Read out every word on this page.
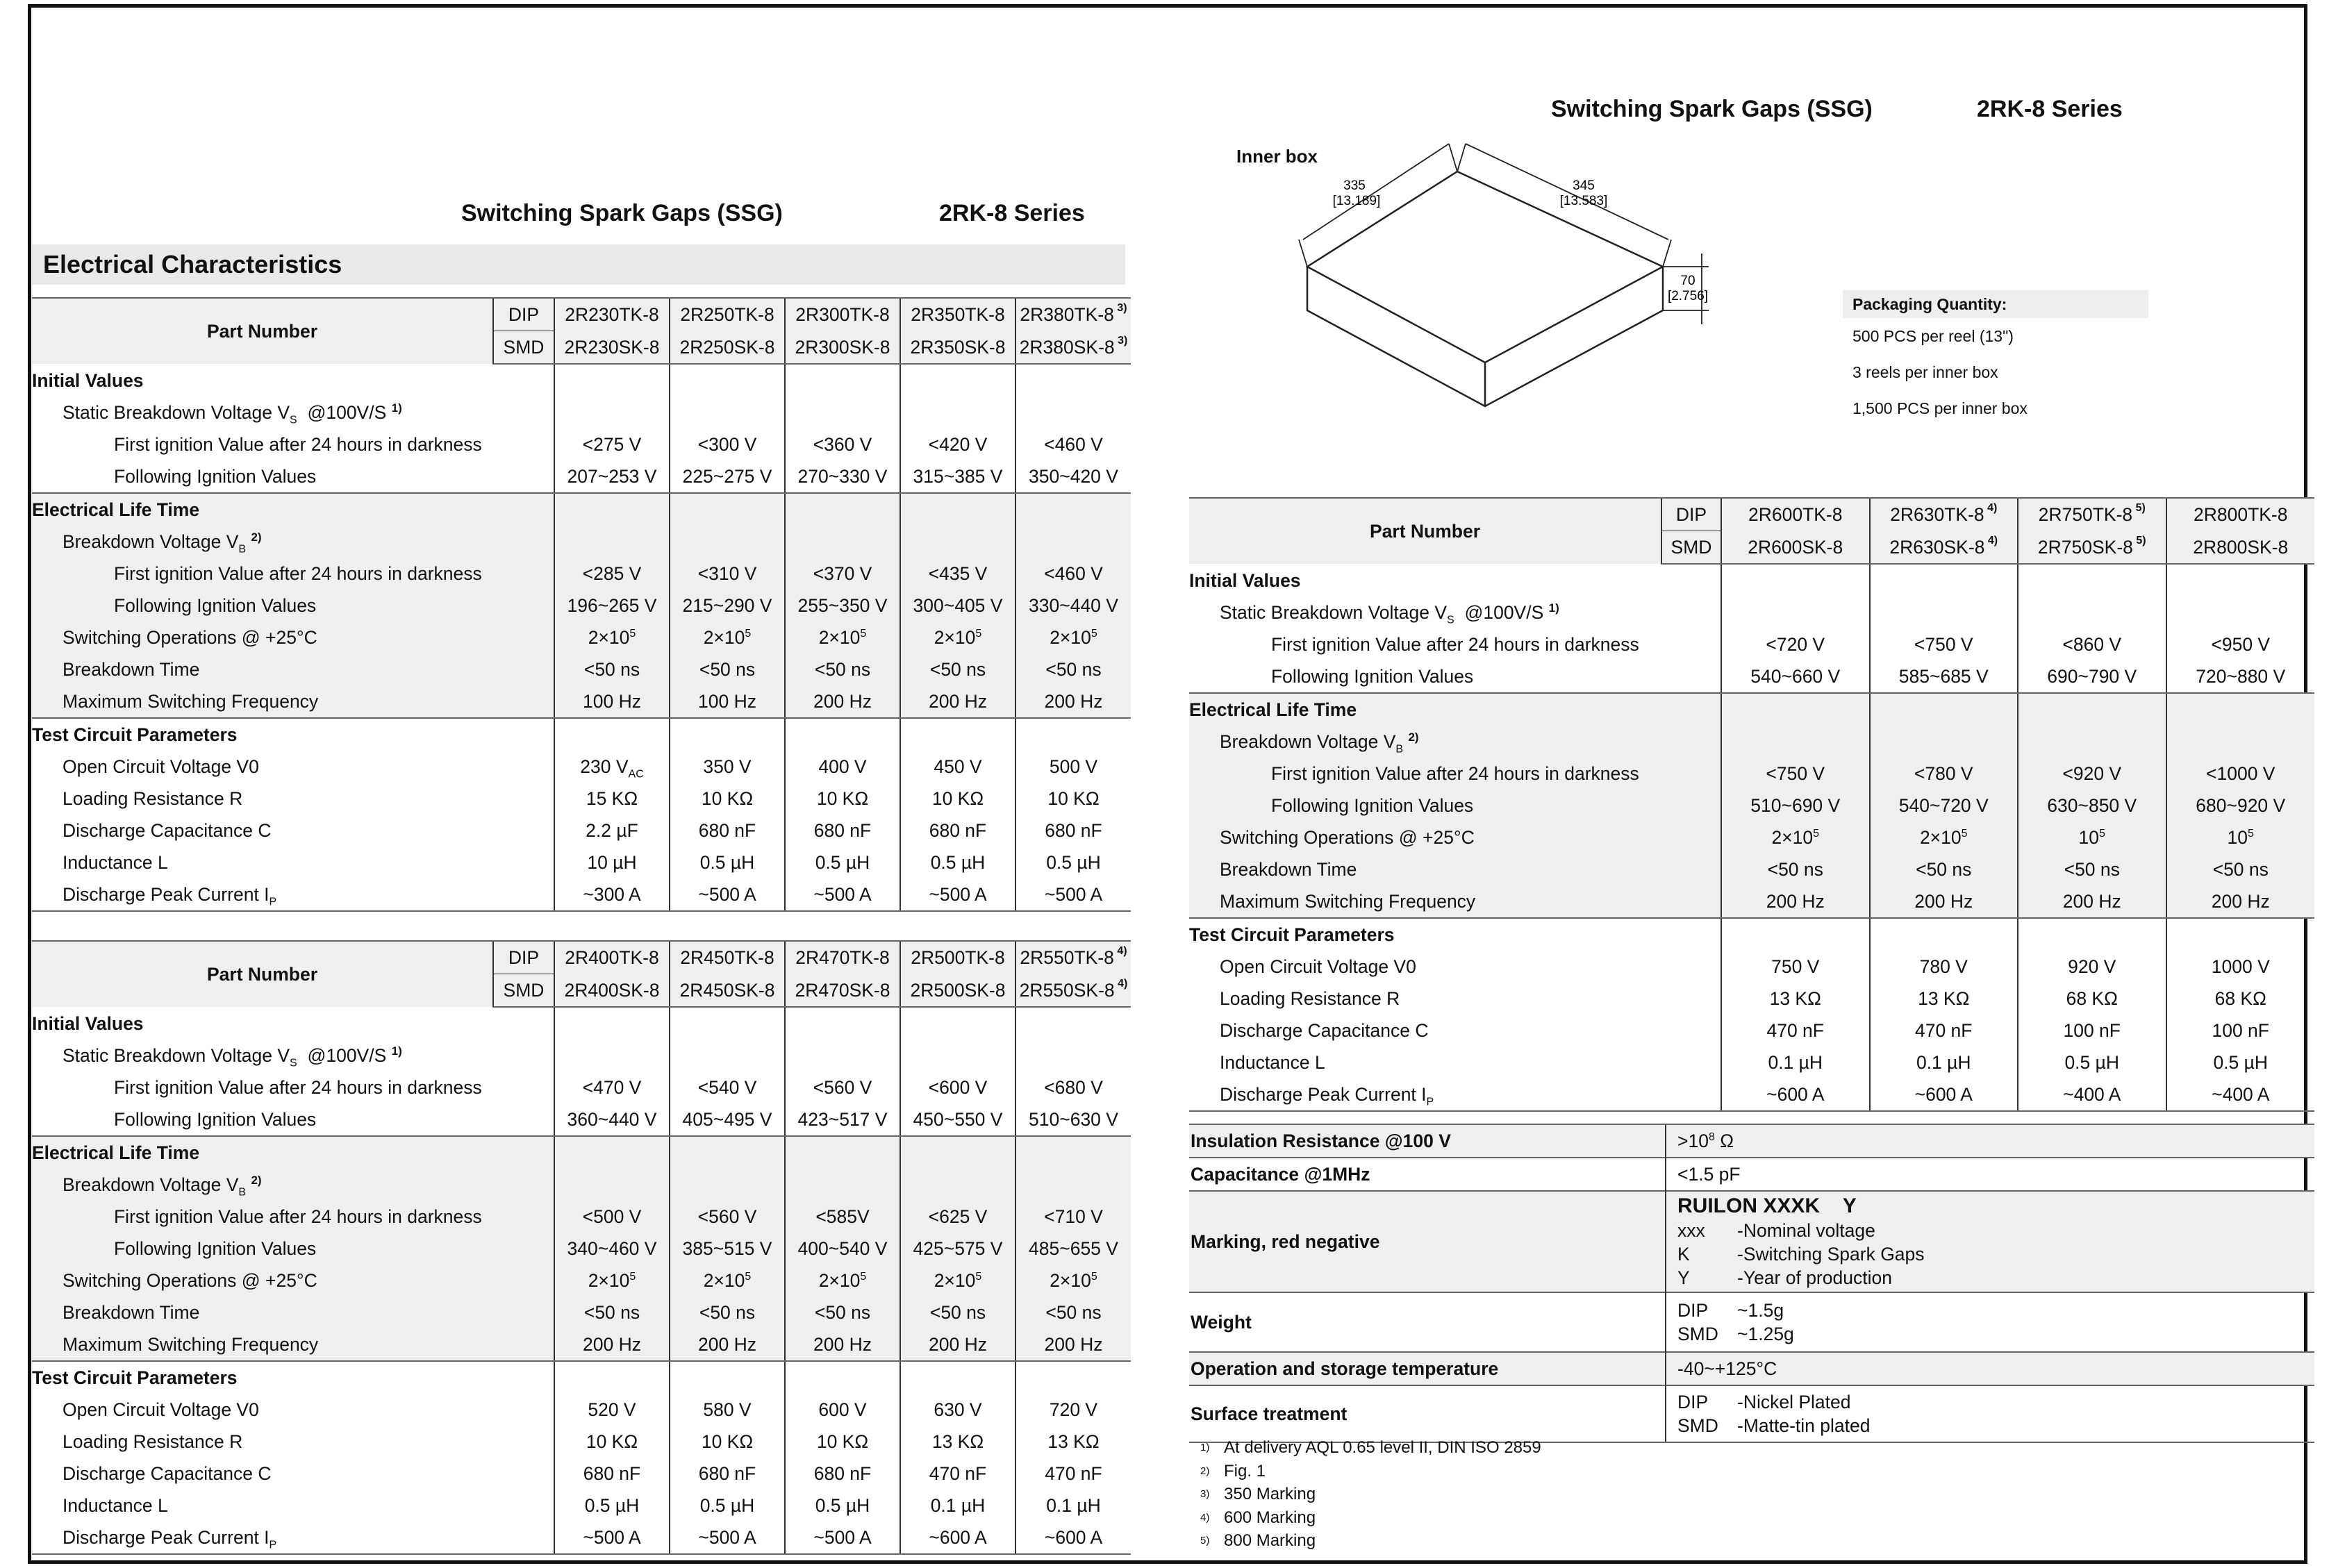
Switching Spark Gaps (SSG)	2RK-8 Series
Switching Spark Gaps (SSG)	2RK-8 Series
Electrical Characteristics
Part Number	DIP	2R230TK-8	2R250TK-8	2R300TK-8	2R350TK-8	2R380TK-8 $^{3)}$
	SMD	2R230SK-8	2R250SK-8	2R300SK-8	2R350SK-8	2R380SK-8 $^{3)}$
Initial Values						
Static Breakdown Voltage $V_S$  @100V/S $^{1)}$					
First ignition Value after 24 hours in darkness		<275 V	<300 V	<360 V	<420 V	<460 V
Following Ignition Values		207~253 V	225~275 V	270~330 V	315~385 V	350~420 V
Electrical Life Time						
Breakdown Voltage $V_B$ $^{2)}$					
First ignition Value after 24 hours in darkness		<285 V	<310 V	<370 V	<435 V	<460 V
Following Ignition Values		196~265 V	215~290 V	255~350 V	300~405 V	330~440 V
Switching Operations @ +25°C		$2\times 10^5$	$2\times 10^5$	$2\times 10^5$	$2\times 10^5$	$2\times 10^5$
Breakdown Time		<50 ns	<50 ns	<50 ns	<50 ns	<50 ns
Maximum Switching Frequency		100 Hz	100 Hz	200 Hz	200 Hz	200 Hz
Test Circuit Parameters						
Open Circuit Voltage V0		230 $V_{AC}$	350 V	400 V	450 V	500 V
Loading Resistance R		15 KΩ	10 KΩ	10 KΩ	10 KΩ	10 KΩ
Discharge Capacitance C		2.2 µF	680 nF	680 nF	680 nF	680 nF
Inductance L		10 µH	0.5 µH	0.5 µH	0.5 µH	0.5 µH
Discharge Peak Current $I_P$		~300 A	~500 A	~500 A	~500 A	~500 A
Part Number	DIP	2R400TK-8	2R450TK-8	2R470TK-8	2R500TK-8	2R550TK-8 $^{4)}$
	SMD	2R400SK-8	2R450SK-8	2R470SK-8	2R500SK-8	2R550SK-8 $^{4)}$
Initial Values						
Static Breakdown Voltage $V_S$  @100V/S $^{1)}$					
First ignition Value after 24 hours in darkness		<470 V	<540 V	<560 V	<600 V	<680 V
Following Ignition Values		360~440 V	405~495 V	423~517 V	450~550 V	510~630 V
Electrical Life Time						
Breakdown Voltage $V_B$ $^{2)}$					
First ignition Value after 24 hours in darkness		<500 V	<560 V	<585V	<625 V	<710 V
Following Ignition Values		340~460 V	385~515 V	400~540 V	425~575 V	485~655 V
Switching Operations @ +25°C		$2\times 10^5$	$2\times 10^5$	$2\times 10^5$	$2\times 10^5$	$2\times 10^5$
Breakdown Time		<50 ns	<50 ns	<50 ns	<50 ns	<50 ns
Maximum Switching Frequency		200 Hz	200 Hz	200 Hz	200 Hz	200 Hz
Test Circuit Parameters						
Open Circuit Voltage V0		520 V	580 V	600 V	630 V	720 V
Loading Resistance R		10 KΩ	10 KΩ	10 KΩ	13 KΩ	13 KΩ
Discharge Capacitance C		680 nF	680 nF	680 nF	470 nF	470 nF
Inductance L		0.5 µH	0.5 µH	0.5 µH	0.1 µH	0.1 µH
Discharge Peak Current $I_P$		~500 A	~500 A	~500 A	~600 A	~600 A
Part Number	DIP	2R600TK-8	2R630TK-8 $^{4)}$	2R750TK-8 $^{5)}$	2R800TK-8
	SMD	2R600SK-8	2R630SK-8 $^{4)}$	2R750SK-8 $^{5)}$	2R800SK-8
Initial Values					
Static Breakdown Voltage $V_S$  @100V/S $^{1)}$				
First ignition Value after 24 hours in darkness		<720 V	<750 V	<860 V	<950 V
Following Ignition Values		540~660 V	585~685 V	690~790 V	720~880 V
Electrical Life Time					
Breakdown Voltage $V_B$ $^{2)}$				
First ignition Value after 24 hours in darkness		<750 V	<780 V	<920 V	<1000 V
Following Ignition Values		510~690 V	540~720 V	630~850 V	680~920 V
Switching Operations @ +25°C		$2\times 10^5$	$2\times 10^5$	$10^5$	$10^5$
Breakdown Time		<50 ns	<50 ns	<50 ns	<50 ns
Maximum Switching Frequency		200 Hz	200 Hz	200 Hz	200 Hz
Test Circuit Parameters					
Open Circuit Voltage V0		750 V	780 V	920 V	1000 V
Loading Resistance R		13 KΩ	13 KΩ	68 KΩ	68 KΩ
Discharge Capacitance C		470 nF	470 nF	100 nF	100 nF
Inductance L		0.1 µH	0.1 µH	0.5 µH	0.5 µH
Discharge Peak Current $I_P$		~600 A	~600 A	~400 A	~400 A
Inner box
335
[13.189]
345
[13.583]
70
[2.756]	Packaging Quantity:
500 PCS per reel (13")
3 reels per inner box
1,500 PCS per inner box
Insulation Resistance @100 V	$>10^8$ Ω
Capacitance @1MHz	<1.5 pF
Marking, red negative	RUILON XXXK    Y
xxx -Nominal voltage
K -Switching Spark Gaps
Y -Year of production

Weight	DIP ~1.5g
SMD ~1.25g

Operation and storage temperature	-40~+125°C
Surface treatment	DIP -Nickel Plated
SMD -Matte-tin plated
1) At delivery AQL 0.65 level II, DIN ISO 2859
2) Fig. 1
3) 350 Marking
4) 600 Marking
5) 800 Marking
